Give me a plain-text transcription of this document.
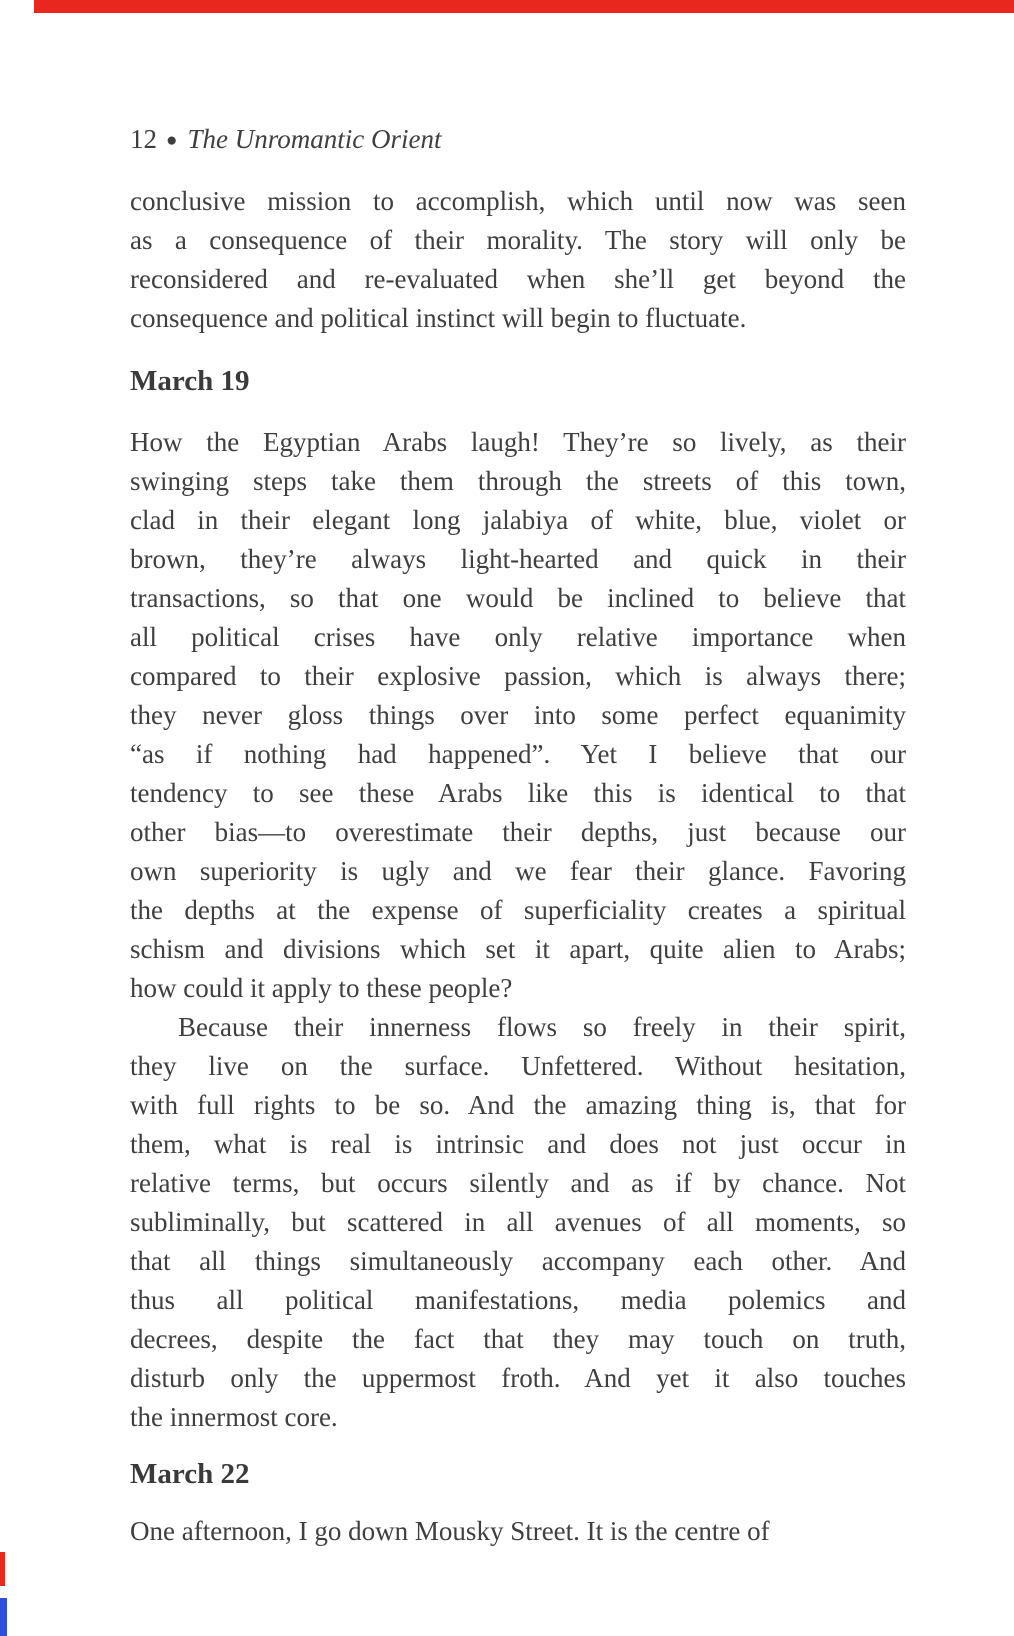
12 ● The Unromantic Orient
conclusive mission to accomplish, which until now was seen
as a consequence of their morality. The story will only be
reconsidered and re-evaluated when she’ll get beyond the
consequence and political instinct will begin to fluctuate.
March 19
How the Egyptian Arabs laugh! They’re so lively, as their
swinging steps take them through the streets of this town,
clad in their elegant long jalabiya of white, blue, violet or
brown, they’re always light-hearted and quick in their
transactions, so that one would be inclined to believe that
all political crises have only relative importance when
compared to their explosive passion, which is always there;
they never gloss things over into some perfect equanimity
“as if nothing had happened”. Yet I believe that our
tendency to see these Arabs like this is identical to that
other bias—to overestimate their depths, just because our
own superiority is ugly and we fear their glance. Favoring
the depths at the expense of superficiality creates a spiritual
schism and divisions which set it apart, quite alien to Arabs;
how could it apply to these people?
Because their innerness flows so freely in their spirit,
they live on the surface. Unfettered. Without hesitation,
with full rights to be so. And the amazing thing is, that for
them, what is real is intrinsic and does not just occur in
relative terms, but occurs silently and as if by chance. Not
subliminally, but scattered in all avenues of all moments, so
that all things simultaneously accompany each other. And
thus all political manifestations, media polemics and
decrees, despite the fact that they may touch on truth,
disturb only the uppermost froth. And yet it also touches
the innermost core.
March 22
One afternoon, I go down Mousky Street. It is the centre of
